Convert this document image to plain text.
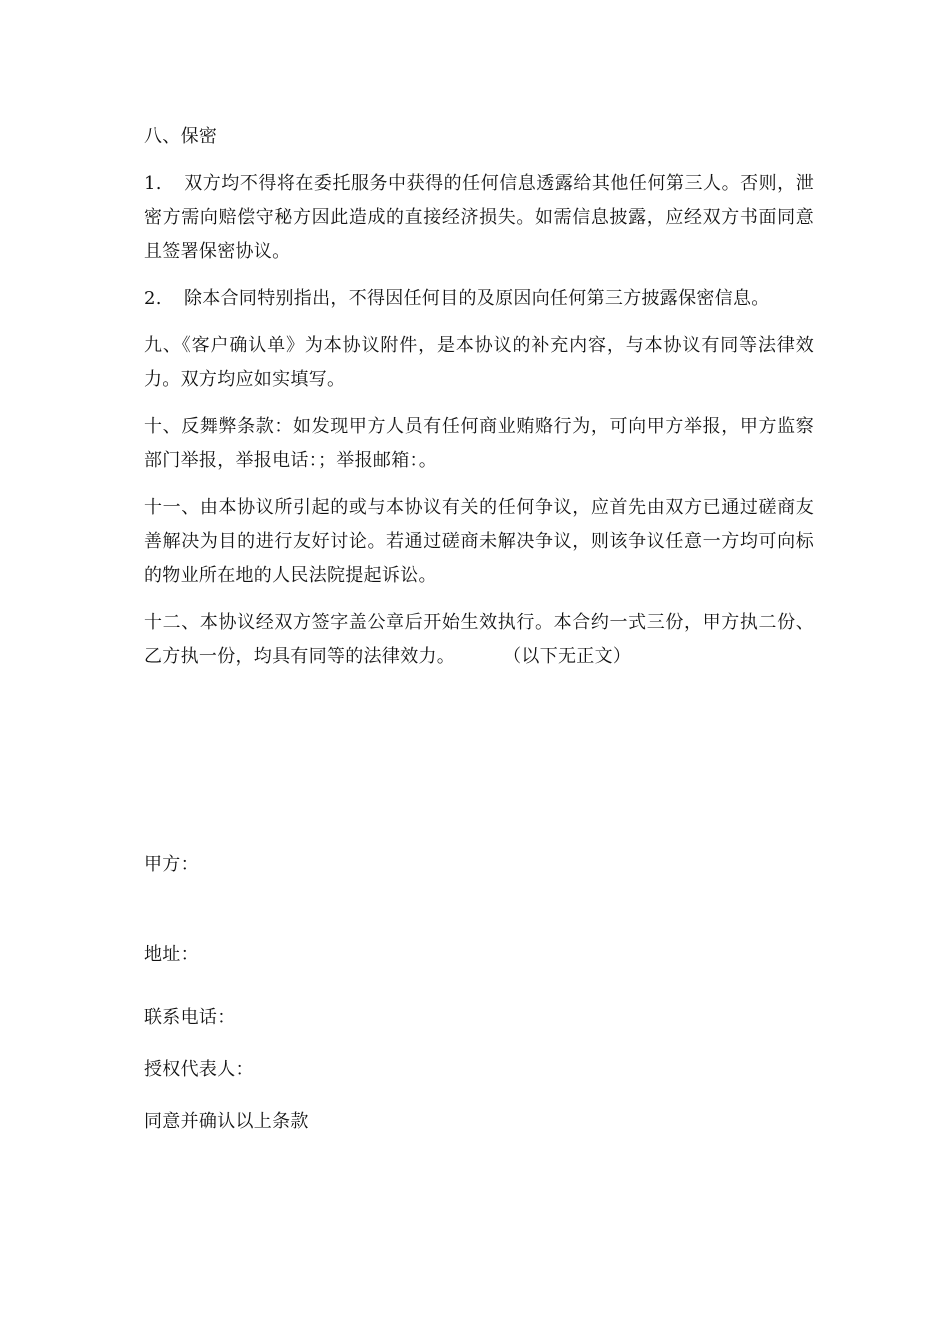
八、保密

1. 双方均不得将在委托服务中获得的任何信息透露给其他任何第三人。否则，泄密方需向赔偿守秘方因此造成的直接经济损失。如需信息披露，应经双方书面同意且签署保密协议。

2. 除本合同特别指出，不得因任何目的及原因向任何第三方披露保密信息。

九、《客户确认单》为本协议附件，是本协议的补充内容，与本协议有同等法律效力。双方均应如实填写。

十、反舞弊条款：如发现甲方人员有任何商业贿赂行为，可向甲方举报，甲方监察部门举报，举报电话：；举报邮箱：。

十一、由本协议所引起的或与本协议有关的任何争议，应首先由双方已通过磋商友善解决为目的进行友好讨论。若通过磋商未解决争议，则该争议任意一方均可向标的物业所在地的人民法院提起诉讼。

十二、本协议经双方签字盖公章后开始生效执行。本合约一式三份，甲方执二份、乙方执一份，均具有同等的法律效力。	（以下无正文）

甲方：

地址：

联系电话：

授权代表人：

同意并确认以上条款
